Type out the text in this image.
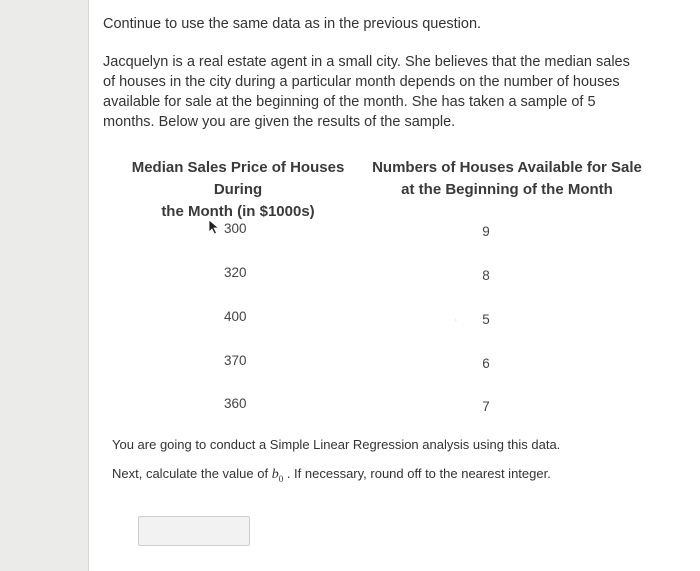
Continue to use the same data as in the previous question.
Jacquelyn is a real estate agent in a small city. She believes that the median sales of houses in the city during a particular month depends on the number of houses available for sale at the beginning of the month. She has taken a sample of 5 months. Below you are given the results of the sample.
Median Sales Price of Houses During
the Month (in $1000s)
Numbers of Houses Available for Sale
at the Beginning of the Month
300	9
320	8
400	5
370	6
360	7
‘
You are going to conduct a Simple Linear Regression analysis using this data.
Next, calculate the value of $b_0$ . If necessary, round off to the nearest integer.
